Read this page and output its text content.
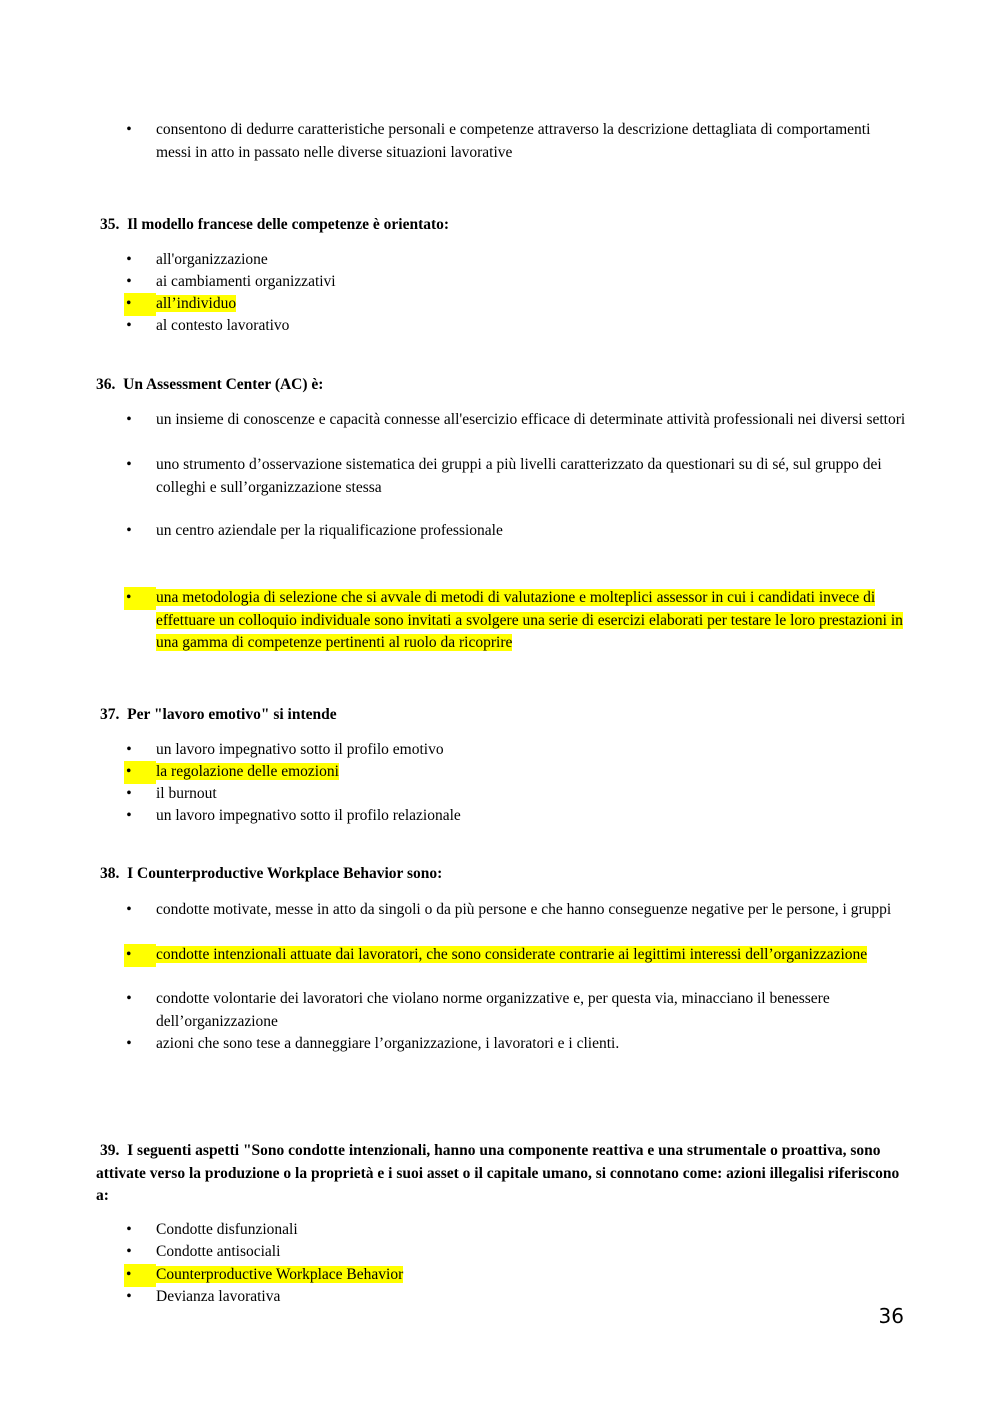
• consentono di dedurre caratteristiche personali e competenze attraverso la descrizione dettagliata di comportamenti messi in atto in passato nelle diverse situazioni lavorative
35. Il modello francese delle competenze è orientato:
• all'organizzazione
• ai cambiamenti organizzativi
•	all’individuo
• al contesto lavorativo
36. Un Assessment Center (AC) è:
• un insieme di conoscenze e capacità connesse all'esercizio efficace di determinate attività professionali nei diversi settori
• uno strumento d’osservazione sistematica dei gruppi a più livelli caratterizzato da questionari su di sé, sul gruppo dei colleghi e sull’organizzazione stessa
• un centro aziendale per la riqualificazione professionale
•	una metodologia di selezione che si avvale di metodi di valutazione e molteplici assessor in cui i candidati invece di effettuare un colloquio individuale sono invitati a svolgere una serie di esercizi elaborati per testare le loro prestazioni in una gamma di competenze pertinenti al ruolo da ricoprire
37. Per "lavoro emotivo" si intende
• un lavoro impegnativo sotto il profilo emotivo
•	la regolazione delle emozioni
• il burnout
• un lavoro impegnativo sotto il profilo relazionale
38. I Counterproductive Workplace Behavior sono:
• condotte motivate, messe in atto da singoli o da più persone e che hanno conseguenze negative per le persone, i gruppi
•	condotte intenzionali attuate dai lavoratori, che sono considerate contrarie ai legittimi interessi dell’organizzazione
• condotte volontarie dei lavoratori che violano norme organizzative e, per questa via, minacciano il benessere dell’organizzazione
• azioni che sono tese a danneggiare l’organizzazione, i lavoratori e i clienti.
39. I seguenti aspetti "Sono condotte intenzionali, hanno una componente reattiva e una strumentale o proattiva, sono attivate verso la produzione o la proprietà e i suoi asset o il capitale umano, si connotano come: azioni illegalisi riferiscono a:
• Condotte disfunzionali
• Condotte antisociali
•	Counterproductive Workplace Behavior
• Devianza lavorativa
36
